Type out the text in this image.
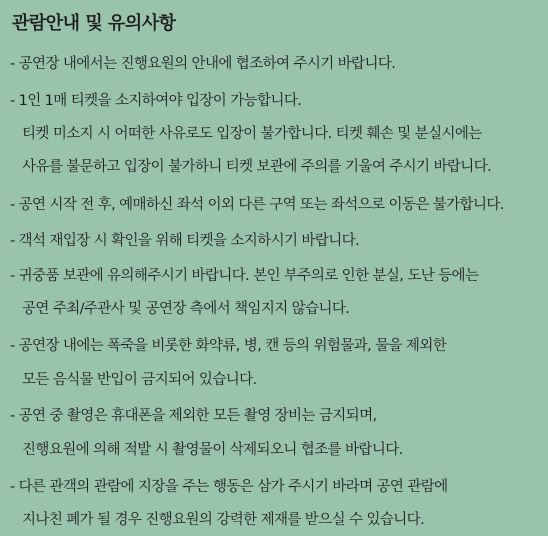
관람안내 및 유의사항
- 공연장 내에서는 진행요원의 안내에 협조하여 주시기 바랍니다.
- 1인 1매 티켓을 소지하여야 입장이 가능합니다.
티켓 미소지 시 어떠한 사유로도 입장이 불가합니다. 티켓 훼손 및 분실시에는
사유를 불문하고 입장이 불가하니 티켓 보관에 주의를 기울여 주시기 바랍니다.
- 공연 시작 전 후, 예매하신 좌석 이외 다른 구역 또는 좌석으로 이동은 불가합니다.
- 객석 재입장 시 확인을 위해 티켓을 소지하시기 바랍니다.
- 귀중품 보관에 유의해주시기 바랍니다. 본인 부주의로 인한 분실, 도난 등에는
공연 주최/주관사 및 공연장 측에서 책임지지 않습니다.
- 공연장 내에는 폭죽을 비롯한 화약류, 병, 캔 등의 위험물과, 물을 제외한
모든 음식물 반입이 금지되어 있습니다.
- 공연 중 촬영은 휴대폰을 제외한 모든 촬영 장비는 금지되며,
진행요원에 의해 적발 시 촬영물이 삭제되오니 협조를 바랍니다.
- 다른 관객의 관람에 지장을 주는 행동은 삼가 주시기 바라며 공연 관람에
지나친 폐가 될 경우 진행요원의 강력한 제재를 받으실 수 있습니다.
